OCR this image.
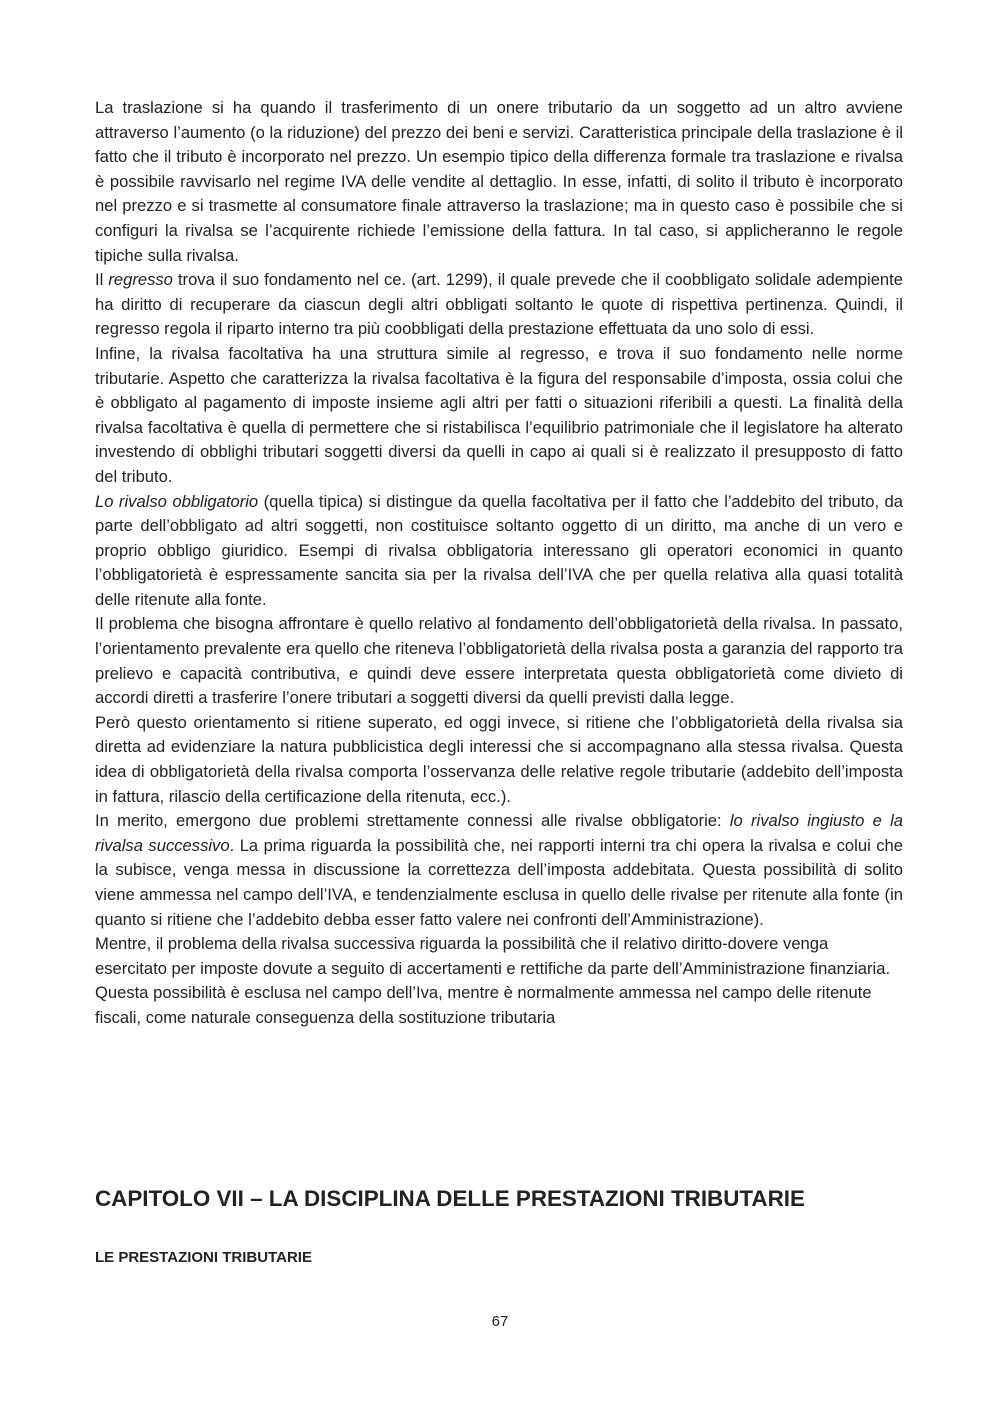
La traslazione si ha quando il trasferimento di un onere tributario da un soggetto ad un altro avviene attraverso l’aumento (o la riduzione) del prezzo dei beni e servizi. Caratteristica principale della traslazione è il fatto che il tributo è incorporato nel prezzo. Un esempio tipico della differenza formale tra traslazione e rivalsa è possibile ravvisarlo nel regime IVA delle vendite al dettaglio. In esse, infatti, di solito il tributo è incorporato nel prezzo e si trasmette al consumatore finale attraverso la traslazione; ma in questo caso è possibile che si configuri la rivalsa se l’acquirente richiede l’emissione della fattura. In tal caso, si applicheranno le regole tipiche sulla rivalsa.

Il regresso trova il suo fondamento nel ce. (art. 1299), il quale prevede che il coobbligato solidale adempiente ha diritto di recuperare da ciascun degli altri obbligati soltanto le quote di rispettiva pertinenza. Quindi, il regresso regola il riparto interno tra più coobbligati della prestazione effettuata da uno solo di essi.

Infine, la rivalsa facoltativa ha una struttura simile al regresso, e trova il suo fondamento nelle norme tributarie. Aspetto che caratterizza la rivalsa facoltativa è la figura del responsabile d’imposta, ossia colui che è obbligato al pagamento di imposte insieme agli altri per fatti o situazioni riferibili a questi. La finalità della rivalsa facoltativa è quella di permettere che si ristabilisca l’equilibrio patrimoniale che il legislatore ha alterato investendo di obblighi tributari soggetti diversi da quelli in capo ai quali si è realizzato il presupposto di fatto del tributo.

Lo rivalso obbligatorio (quella tipica) si distingue da quella facoltativa per il fatto che l’addebito del tributo, da parte dell’obbligato ad altri soggetti, non costituisce soltanto oggetto di un diritto, ma anche di un vero e proprio obbligo giuridico. Esempi di rivalsa obbligatoria interessano gli operatori economici in quanto l’obbligatorietà è espressamente sancita sia per la rivalsa dell’IVA che per quella relativa alla quasi totalità delle ritenute alla fonte.

Il problema che bisogna affrontare è quello relativo al fondamento dell’obbligatorietà della rivalsa. In passato, l’orientamento prevalente era quello che riteneva l’obbligatorietà della rivalsa posta a garanzia del rapporto tra prelievo e capacità contributiva, e quindi deve essere interpretata questa obbligatorietà come divieto di accordi diretti a trasferire l’onere tributari a soggetti diversi da quelli previsti dalla legge.

Però questo orientamento si ritiene superato, ed oggi invece, si ritiene che l’obbligatorietà della rivalsa sia diretta ad evidenziare la natura pubblicistica degli interessi che si accompagnano alla stessa rivalsa. Questa idea di obbligatorietà della rivalsa comporta l’osservanza delle relative regole tributarie (addebito dell’imposta in fattura, rilascio della certificazione della ritenuta, ecc.).

In merito, emergono due problemi strettamente connessi alle rivalse obbligatorie: lo rivalso ingiusto e la rivalsa successivo. La prima riguarda la possibilità che, nei rapporti interni tra chi opera la rivalsa e colui che la subisce, venga messa in discussione la correttezza dell’imposta addebitata. Questa possibilità di solito viene ammessa nel campo dell’IVA, e tendenzialmente esclusa in quello delle rivalse per ritenute alla fonte (in quanto si ritiene che l’addebito debba esser fatto valere nei confronti dell’Amministrazione).

Mentre, il problema della rivalsa successiva riguarda la possibilità che il relativo diritto-dovere venga esercitato per imposte dovute a seguito di accertamenti e rettifiche da parte dell’Amministrazione finanziaria. Questa possibilità è esclusa nel campo dell’Iva, mentre è normalmente ammessa nel campo delle ritenute fiscali, come naturale conseguenza della sostituzione tributaria

CAPITOLO VII – LA DISCIPLINA DELLE PRESTAZIONI TRIBUTARIE
LE PRESTAZIONI TRIBUTARIE
67
